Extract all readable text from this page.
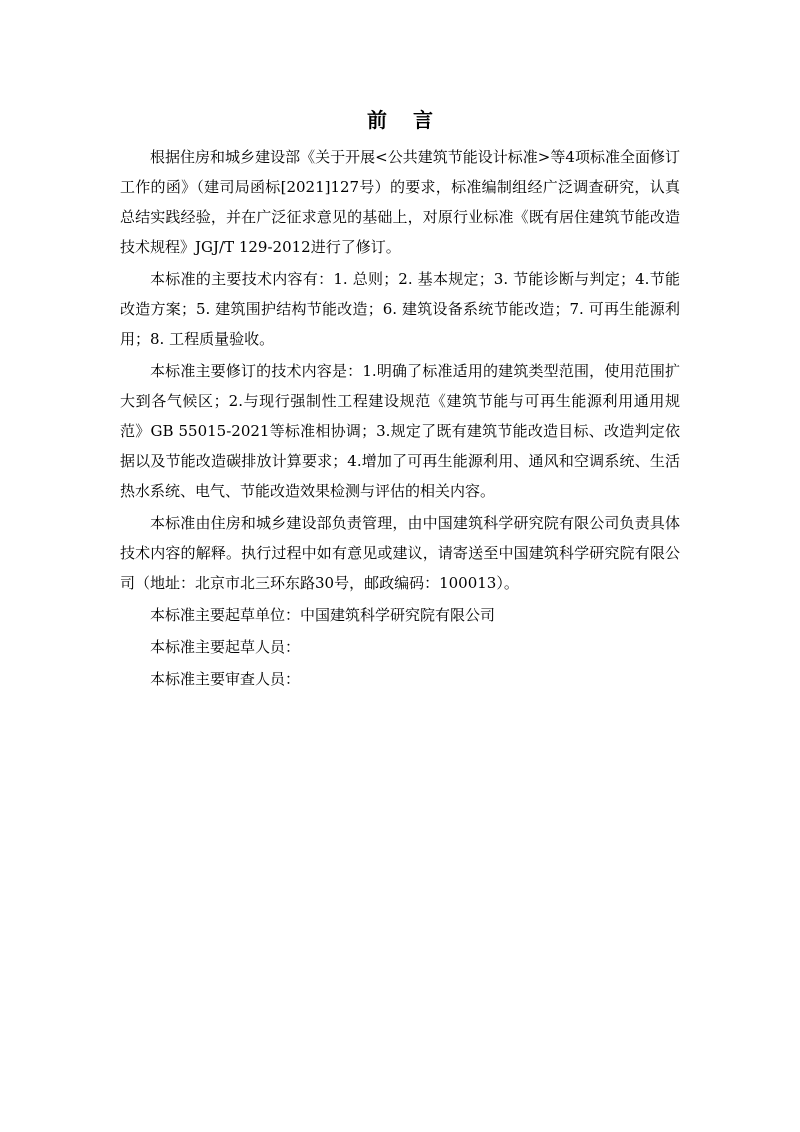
前言

根据住房和城乡建设部《关于开展<公共建筑节能设计标准>等4项标准全面修订工作的函》（建司局函标[2021]127号）的要求，标准编制组经广泛调查研究，认真总结实践经验，并在广泛征求意见的基础上，对原行业标准《既有居住建筑节能改造技术规程》JGJ/T 129-2012进行了修订。

本标准的主要技术内容有：1. 总则；2. 基本规定；3. 节能诊断与判定；4.节能改造方案；5. 建筑围护结构节能改造；6. 建筑设备系统节能改造；7. 可再生能源利用；8. 工程质量验收。

本标准主要修订的技术内容是：1.明确了标准适用的建筑类型范围，使用范围扩大到各气候区；2.与现行强制性工程建设规范《建筑节能与可再生能源利用通用规范》GB 55015-2021等标准相协调；3.规定了既有建筑节能改造目标、改造判定依据以及节能改造碳排放计算要求；4.增加了可再生能源利用、通风和空调系统、生活热水系统、电气、节能改造效果检测与评估的相关内容。

本标准由住房和城乡建设部负责管理，由中国建筑科学研究院有限公司负责具体技术内容的解释。执行过程中如有意见或建议，请寄送至中国建筑科学研究院有限公司（地址：北京市北三环东路30号，邮政编码：100013）。

本标准主要起草单位：中国建筑科学研究院有限公司

本标准主要起草人员：

本标准主要审查人员：
